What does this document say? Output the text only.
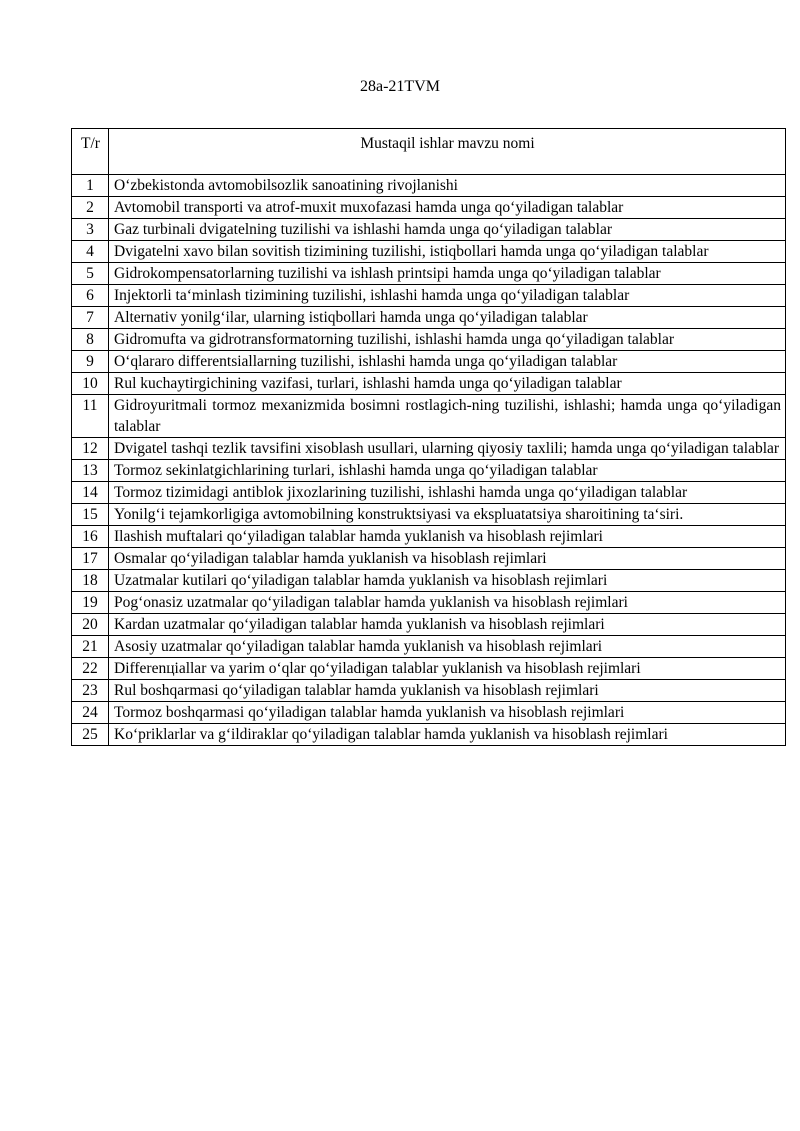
28a-21TVM
T/r	Mustaqil ishlar mavzu nomi
1	O‘zbekistonda avtomobilsozlik sanoatining rivojlanishi
2	Avtomobil transporti va atrof-muxit muxofazasi hamda unga qo‘yiladigan talablar
3	Gaz turbinali dvigatelning tuzilishi va ishlashi hamda unga qo‘yiladigan talablar
4	Dvigatelni xavo bilan sovitish tizimining tuzilishi, istiqbollari hamda unga qo‘yiladigan talablar
5	Gidrokompensatorlarning tuzilishi va ishlash printsipi hamda unga qo‘yiladigan talablar
6	Injektorli ta‘minlash tizimining tuzilishi, ishlashi hamda unga qo‘yiladigan talablar
7	Alternativ yonilg‘ilar, ularning istiqbollari hamda unga qo‘yiladigan talablar
8	Gidromufta va gidrotransformatorning tuzilishi, ishlashi hamda unga qo‘yiladigan talablar
9	O‘qlararo differentsiallarning tuzilishi, ishlashi hamda unga qo‘yiladigan talablar
10	Rul kuchaytirgichining vazifasi, turlari, ishlashi hamda unga qo‘yiladigan talablar
11	Gidroyuritmali tormoz mexanizmida bosimni rostlagich-ning tuzilishi, ishlashi; hamda unga qo‘yiladigan talablar
12	Dvigatel tashqi tezlik tavsifini xisoblash usullari, ularning qiyosiy taxlili; hamda unga qo‘yiladigan talablar
13	Tormoz sekinlatgichlarining turlari, ishlashi hamda unga qo‘yiladigan talablar
14	Tormoz tizimidagi antiblok jixozlarining tuzilishi, ishlashi hamda unga qo‘yiladigan talablar
15	Yonilg‘i tejamkorligiga avtomobilning konstruktsiyasi va ekspluatatsiya sharoitining ta‘siri.
16	Ilashish muftalari qo‘yiladigan talablar hamda yuklanish va hisoblash rejimlari
17	Osmalar qo‘yiladigan talablar hamda yuklanish va hisoblash rejimlari
18	Uzatmalar kutilari qo‘yiladigan talablar hamda yuklanish va hisoblash rejimlari
19	Pog‘onasiz uzatmalar qo‘yiladigan talablar hamda yuklanish va hisoblash rejimlari
20	Kardan uzatmalar qo‘yiladigan talablar hamda yuklanish va hisoblash rejimlari
21	Asosiy uzatmalar qo‘yiladigan talablar hamda yuklanish va hisoblash rejimlari
22	Differenцiallar va yarim o‘qlar qo‘yiladigan talablar yuklanish va hisoblash rejimlari
23	Rul boshqarmasi qo‘yiladigan talablar hamda yuklanish va hisoblash rejimlari
24	Tormoz boshqarmasi qo‘yiladigan talablar hamda yuklanish va hisoblash rejimlari
25	Ko‘priklarlar va g‘ildiraklar qo‘yiladigan talablar hamda yuklanish va hisoblash rejimlari
